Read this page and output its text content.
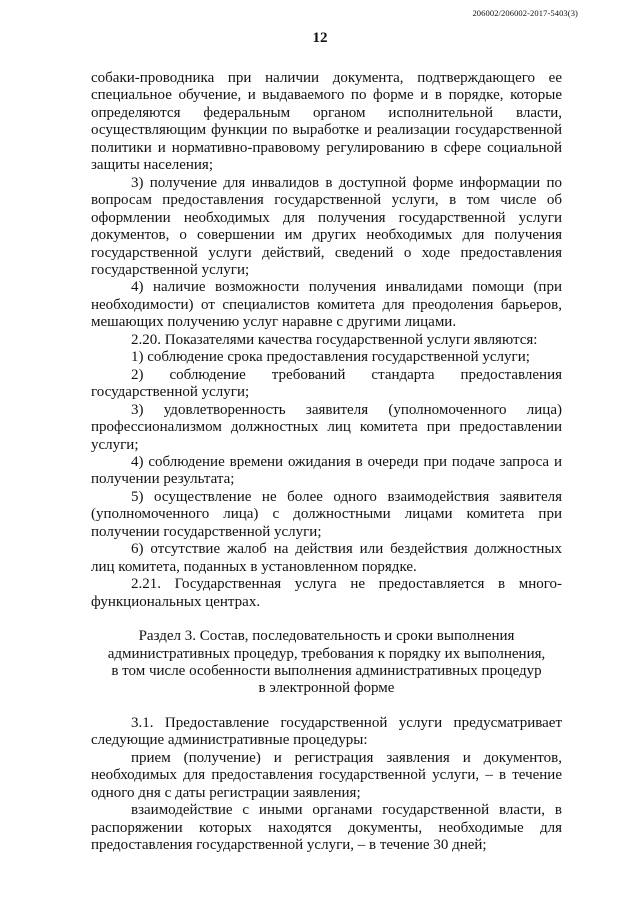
206002/206002-2017-5403(3)
12

собаки-проводника при наличии документа, подтверждающего ее специальное обучение, и выдаваемого по форме и в порядке, которые определяются федеральным органом исполнительной власти, осуществляющим функции по выработке и реализации государственной политики и нормативно-правовому регулированию в сфере социальной защиты населения;

3) получение для инвалидов в доступной форме информации по вопросам предоставления государственной услуги, в том числе об оформлении необходимых для получения государственной услуги документов, о совершении им других необходимых для получения государственной услуги действий, сведений о ходе предоставления государственной услуги;

4) наличие возможности получения инвалидами помощи (при необходимости) от специалистов комитета для преодоления барьеров, мешающих получению услуг наравне с другими лицами.

2.20. Показателями качества государственной услуги являются:

1) соблюдение срока предоставления государственной услуги;

2) соблюдение требований стандарта предоставления государственной услуги;

3) удовлетворенность заявителя (уполномоченного лица) профессионализмом должностных лиц комитета при предоставлении услуги;

4) соблюдение времени ожидания в очереди при подаче запроса и получении результата;

5) осуществление не более одного взаимодействия заявителя (уполномоченного лица) с должностными лицами комитета при получении государственной услуги;

6) отсутствие жалоб на действия или бездействия должностных лиц комитета, поданных в установленном порядке.

2.21. Государственная услуга не предоставляется в много-функциональных центрах.

Раздел 3. Состав, последовательность и сроки выполнения
административных процедур, требования к порядку их выполнения,
в том числе особенности выполнения административных процедур
в электронной форме

3.1. Предоставление государственной услуги предусматривает следующие административные процедуры:

прием (получение) и регистрация заявления и документов, необходимых для предоставления государственной услуги, – в течение одного дня с даты регистрации заявления;

взаимодействие с иными органами государственной власти, в распоряжении которых находятся документы, необходимые для предоставления государственной услуги, – в течение 30 дней;
